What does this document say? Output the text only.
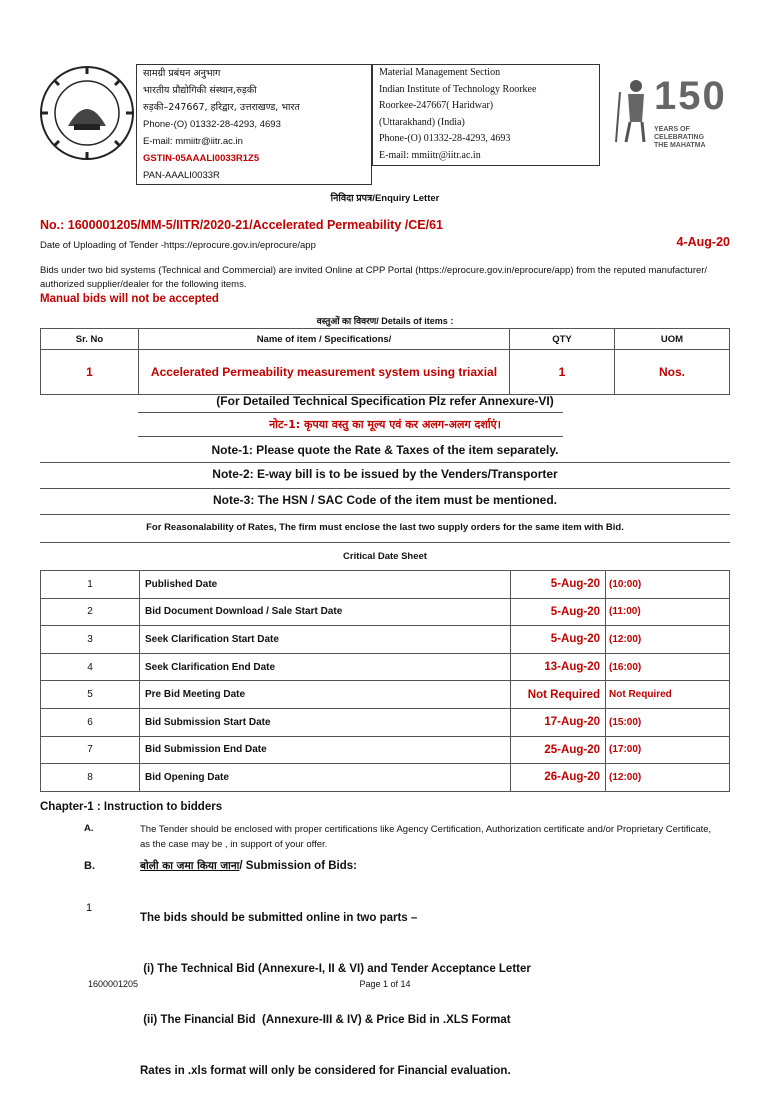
सामग्री प्रबंधन अनुभाग
भारतीय प्रौद्योगिकी संस्थान,रुड़की
रुड़की–247667, हरिद्वार, उत्तराखण्ड, भारत
Phone-(O) 01332-28-4293, 4693
E-mail: mmiitr@iitr.ac.in
GSTIN-05AAALI0033R1Z5
PAN-AAALI0033R
Material Management Section
Indian Institute of Technology Roorkee
Roorkee-247667( Haridwar)
(Uttarakhand) (India)
Phone-(O) 01332-28-4293, 4693
E-mail: mmiitr@iitr.ac.in
150
YEARS OF
CELEBRATING
THE MAHATMA
निविदा प्रपत्र/Enquiry Letter
No.: 1600001205/MM-5/IITR/2020-21/Accelerated Permeability /CE/61
Date of Uploading of Tender -https://eprocure.gov.in/eprocure/app	4-Aug-20
Bids under two bid systems (Technical and Commercial) are invited Online at CPP Portal (https://eprocure.gov.in/eprocure/app) from the reputed manufacturer/ authorized supplier/dealer for the following items.
Manual bids will not be accepted
वस्तुओं का विवरण/ Details of items :
Sr. No	Name of item / Specifications/	QTY	UOM
1	Accelerated Permeability measurement system using triaxial	1	Nos.
(For Detailed Technical Specification Plz refer Annexure-VI)
नोट-1: कृपया वस्तु का मूल्य एवं कर अलग-अलग दर्शाएं।
Note-1: Please quote the Rate & Taxes of the item separately.
Note-2: E-way bill is to be issued by the Venders/Transporter
Note-3: The HSN / SAC Code of the item must be mentioned.
For Reasonalability of Rates, The firm must enclose the last two supply orders for the same item with Bid.
Critical Date Sheet
1	Published Date	5-Aug-20	(10:00)
2	Bid Document Download / Sale Start Date	5-Aug-20	(11:00)
3	Seek Clarification Start Date	5-Aug-20	(12:00)
4	Seek Clarification End Date	13-Aug-20	(16:00)
5	Pre Bid Meeting Date	Not Required	Not Required
6	Bid Submission Start Date	17-Aug-20	(15:00)
7	Bid Submission End Date	25-Aug-20	(17:00)
8	Bid Opening Date	26-Aug-20	(12:00)
Chapter-1 : Instruction to bidders
A.	The Tender should be enclosed with proper certifications like Agency Certification, Authorization certificate and/or Proprietary Certificate, as the case may be , in support of your offer.
B.	बोली का जमा किया जाना/ Submission of Bids:
1

The bids should be submitted online in two parts –

(i) The Technical Bid (Annexure-I, II & VI) and Tender Acceptance Letter

(ii) The Financial Bid  (Annexure-III & IV) & Price Bid in .XLS Format

Rates in .xls format will only be considered for Financial evaluation.

1600001205	Page 1 of 14
